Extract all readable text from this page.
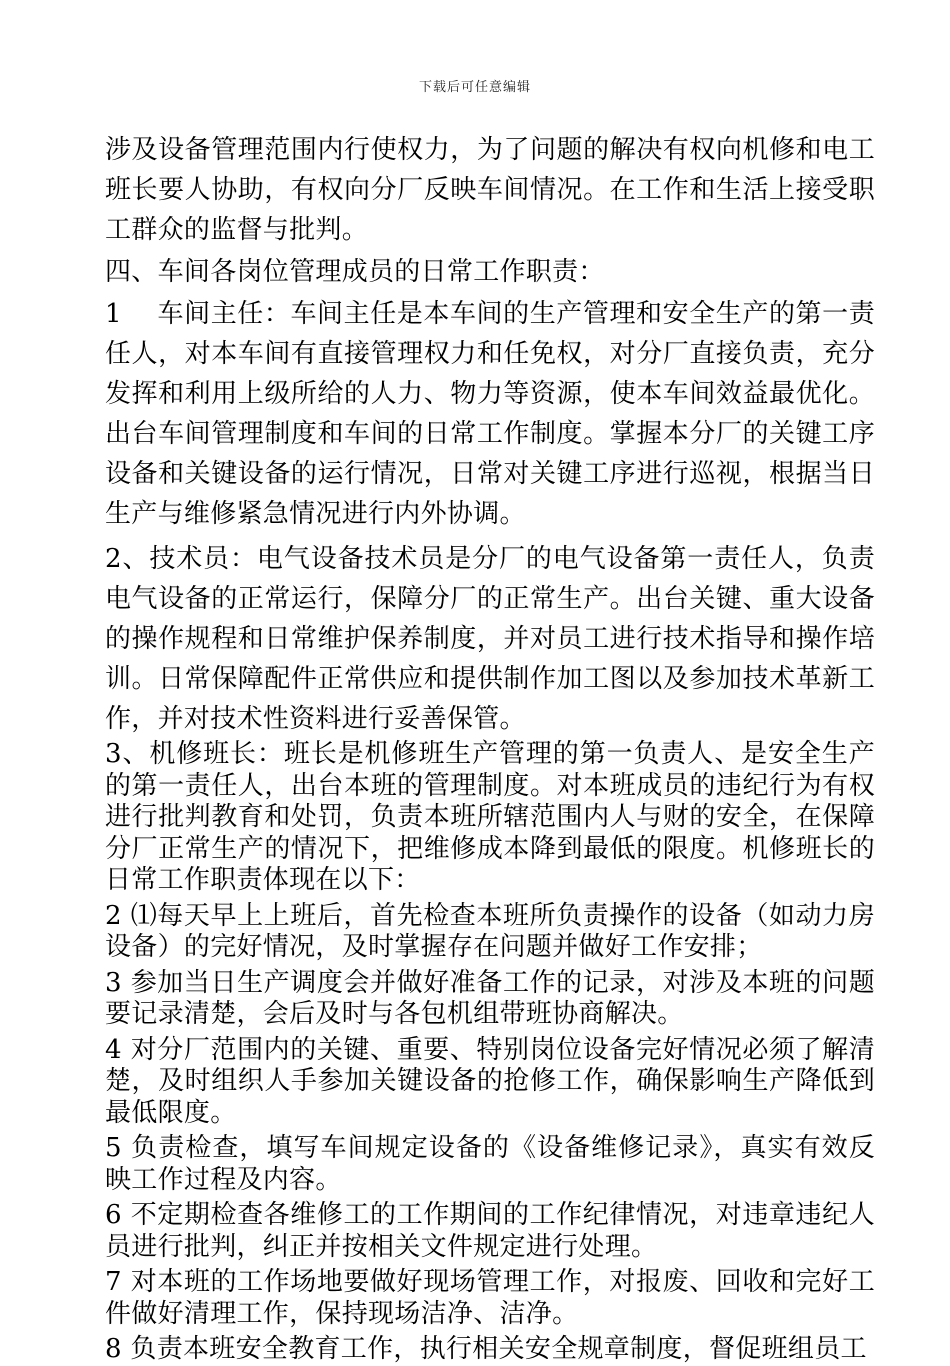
下载后可任意编辑

涉及设备管理范围内行使权力，为了问题的解决有权向机修和电工班长要人协助，有权向分厂反映车间情况。在工作和生活上接受职工群众的监督与批判。

四、车间各岗位管理成员的日常工作职责：

1　 车间主任：车间主任是本车间的生产管理和安全生产的第一责任人，对本车间有直接管理权力和任免权，对分厂直接负责，充分发挥和利用上级所给的人力、物力等资源，使本车间效益最优化。出台车间管理制度和车间的日常工作制度。掌握本分厂的关键工序设备和关键设备的运行情况，日常对关键工序进行巡视，根据当日生产与维修紧急情况进行内外协调。

2、技术员：电气设备技术员是分厂的电气设备第一责任人，负责电气设备的正常运行，保障分厂的正常生产。出台关键、重大设备的操作规程和日常维护保养制度，并对员工进行技术指导和操作培训。日常保障配件正常供应和提供制作加工图以及参加技术革新工作，并对技术性资料进行妥善保管。

3、机修班长：班长是机修班生产管理的第一负责人、是安全生产的第一责任人，出台本班的管理制度。对本班成员的违纪行为有权进行批判教育和处罚，负责本班所辖范围内人与财的安全，在保障分厂正常生产的情况下，把维修成本降到最低的限度。机修班长的日常工作职责体现在以下：

2 ⑴每天早上上班后，首先检查本班所负责操作的设备（如动力房设备）的完好情况，及时掌握存在问题并做好工作安排；

3 参加当日生产调度会并做好准备工作的记录，对涉及本班的问题要记录清楚，会后及时与各包机组带班协商解决。

4 对分厂范围内的关键、重要、特别岗位设备完好情况必须了解清楚，及时组织人手参加关键设备的抢修工作，确保影响生产降低到最低限度。

5 负责检查，填写车间规定设备的《设备维修记录》，真实有效反映工作过程及内容。

6 不定期检查各维修工的工作期间的工作纪律情况，对违章违纪人员进行批判，纠正并按相关文件规定进行处理。

7 对本班的工作场地要做好现场管理工作，对报废、回收和完好工件做好清理工作，保持现场洁净、洁净。

8 负责本班安全教育工作，执行相关安全规章制度，督促班组员工
